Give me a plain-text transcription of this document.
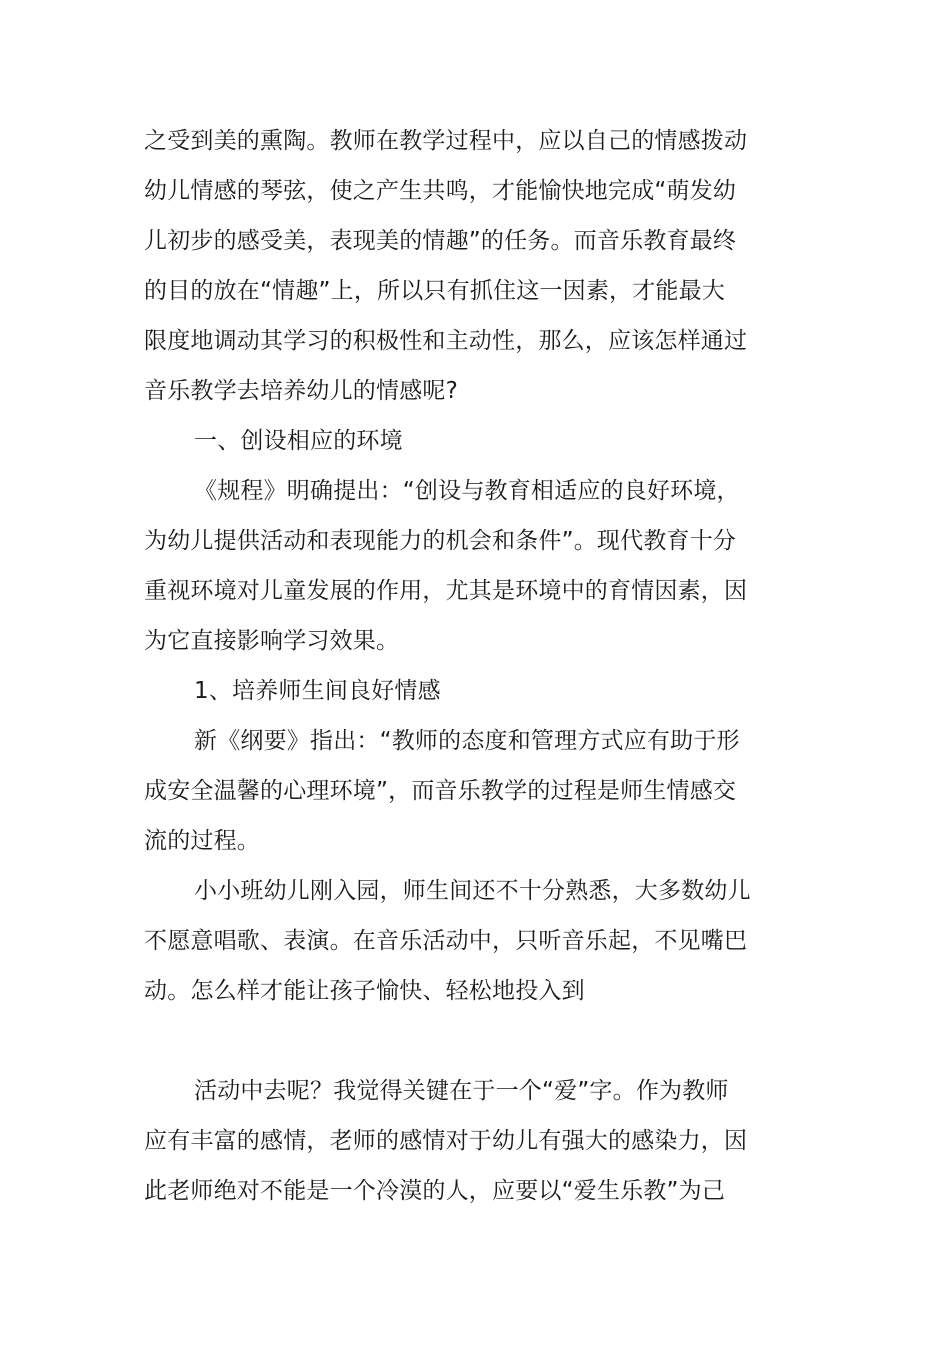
之受到美的熏陶。教师在教学过程中，应以自己的情感拨动
幼儿情感的琴弦，使之产生共鸣，才能愉快地完成“萌发幼
儿初步的感受美，表现美的情趣”的任务。而音乐教育最终
的目的放在“情趣”上，所以只有抓住这一因素，才能最大
限度地调动其学习的积极性和主动性，那么，应该怎样通过
音乐教学去培养幼儿的情感呢?
一、创设相应的环境
《规程》明确提出：“创设与教育相适应的良好环境，
为幼儿提供活动和表现能力的机会和条件”。现代教育十分
重视环境对儿童发展的作用，尤其是环境中的育情因素，因
为它直接影响学习效果。
1、培养师生间良好情感
新《纲要》指出：“教师的态度和管理方式应有助于形
成安全温馨的心理环境”，而音乐教学的过程是师生情感交
流的过程。
小小班幼儿刚入园，师生间还不十分熟悉，大多数幼儿
不愿意唱歌、表演。在音乐活动中，只听音乐起，不见嘴巴
动。怎么样才能让孩子愉快、轻松地投入到
活动中去呢？我觉得关键在于一个“爱”字。作为教师
应有丰富的感情，老师的感情对于幼儿有强大的感染力，因
此老师绝对不能是一个冷漠的人，应要以“爱生乐教”为己
